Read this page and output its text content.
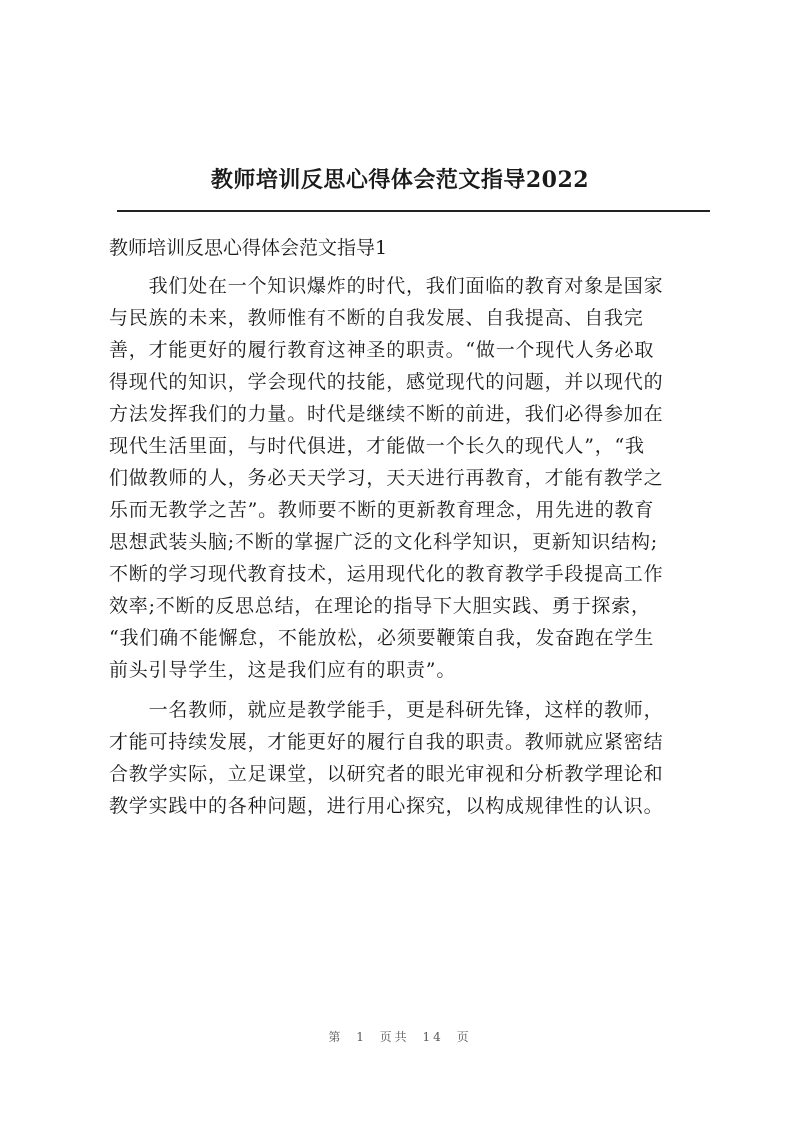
教师培训反思心得体会范文指导2022
教师培训反思心得体会范文指导1

　　我们处在一个知识爆炸的时代，我们面临的教育对象是国家
与民族的未来，教师惟有不断的自我发展、自我提高、自我完
善，才能更好的履行教育这神圣的职责。“做一个现代人务必取
得现代的知识，学会现代的技能，感觉现代的问题，并以现代的
方法发挥我们的力量。时代是继续不断的前进，我们必得参加在
现代生活里面，与时代俱进，才能做一个长久的现代人”，“我
们做教师的人，务必天天学习，天天进行再教育，才能有教学之
乐而无教学之苦”。教师要不断的更新教育理念，用先进的教育
思想武装头脑;不断的掌握广泛的文化科学知识，更新知识结构;
不断的学习现代教育技术，运用现代化的教育教学手段提高工作
效率;不断的反思总结，在理论的指导下大胆实践、勇于探索，
“我们确不能懈怠，不能放松，必须要鞭策自我，发奋跑在学生
前头引导学生，这是我们应有的职责”。

　　一名教师，就应是教学能手，更是科研先锋，这样的教师，
才能可持续发展，才能更好的履行自我的职责。教师就应紧密结
合教学实际，立足课堂，以研究者的眼光审视和分析教学理论和
教学实践中的各种问题，进行用心探究，以构成规律性的认识。

第 1 页共 14 页
